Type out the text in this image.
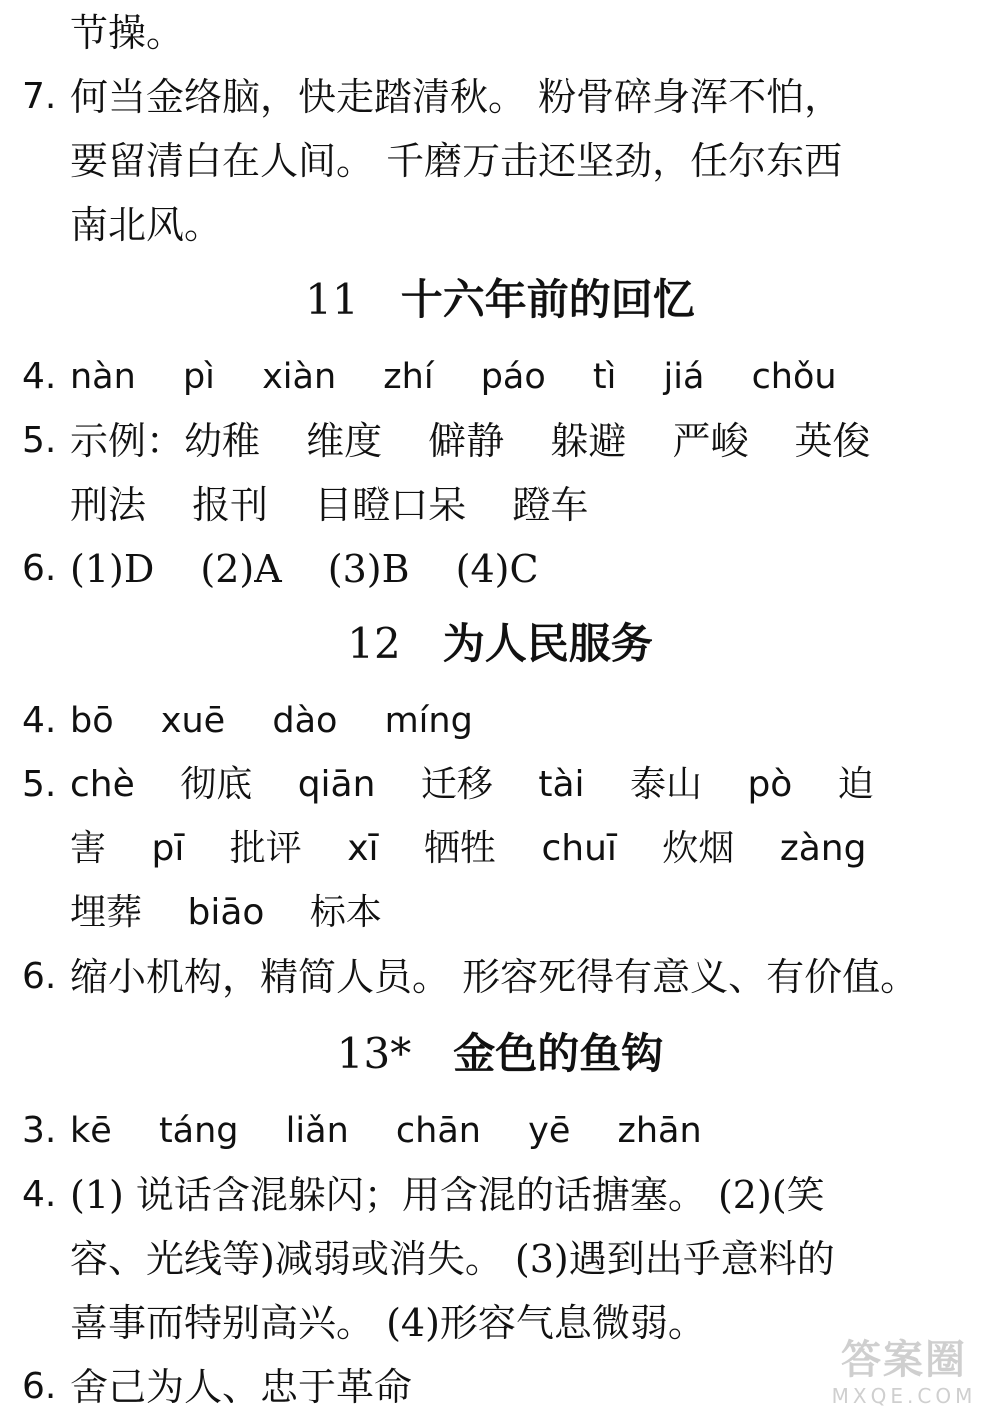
节操。
7. 何当金络脑，快走踏清秋。 粉骨碎身浑不怕，
要留清白在人间。 千磨万击还坚劲，任尔东西
南北风。
11 十六年前的回忆
4. nàn pì xiàn zhí páo tì jiá chǒu
5. 示例：幼稚 维度 僻静 躲避 严峻 英俊
刑法 报刊 目瞪口呆 蹬车
6. (1)D (2)A (3)B (4)C
12 为人民服务
4. bō xuē dào míng
5. chè 彻底 qiān 迁移 tài 泰山 pò 迫
害 pī 批评 xī 牺牲 chuī 炊烟 zàng
埋葬 biāo 标本
6. 缩小机构，精简人员。 形容死得有意义、有价值。
13* 金色的鱼钩
3. kē táng liǎn chān yē zhān
4. (1) 说话含混躲闪；用含混的话搪塞。 (2)(笑
容、光线等)减弱或消失。 (3)遇到出乎意料的
喜事而特别高兴。 (4)形容气息微弱。
6. 舍己为人、忠于革命
答案圈
MXQE.COM
